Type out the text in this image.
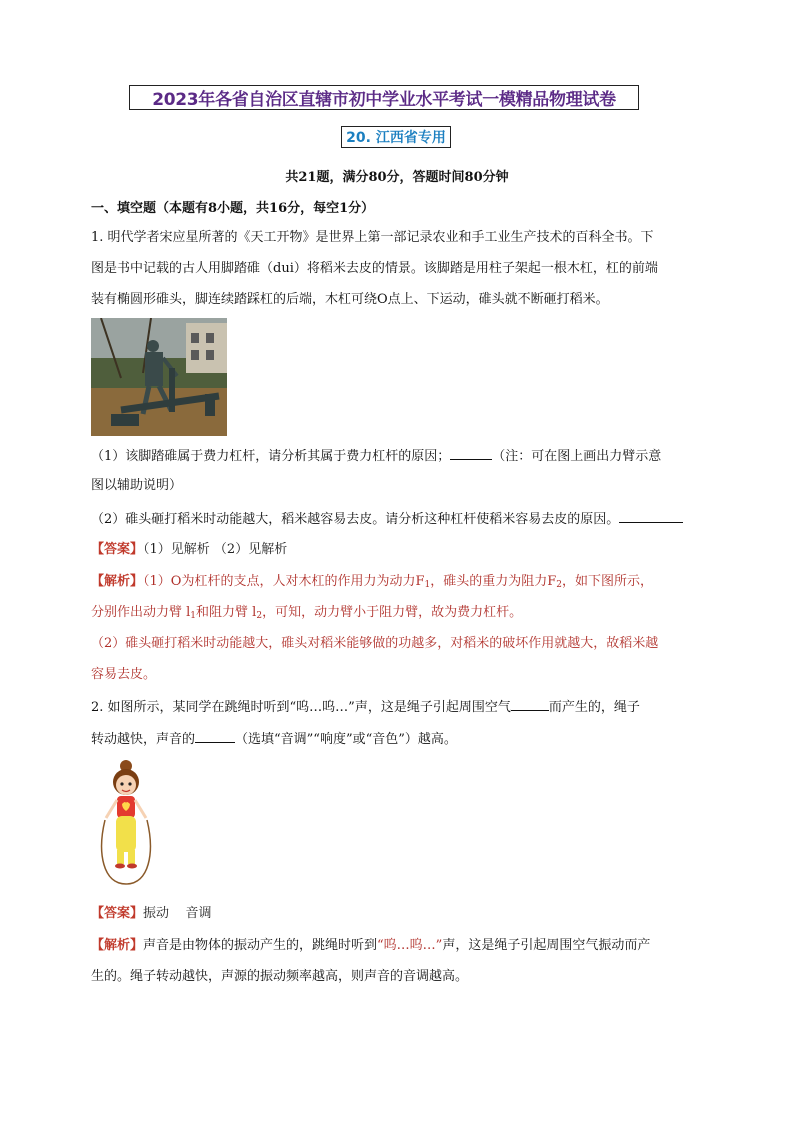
2023年各省自治区直辖市初中学业水平考试一模精品物理试卷
20. 江西省专用
共21题，满分80分，答题时间80分钟
一、填空题（本题有8小题，共16分，每空1分）
1. 明代学者宋应星所著的《天工开物》是世界上第一部记录农业和手工业生产技术的百科全书。下
图是书中记载的古人用脚踏碓（dui）将稻米去皮的情景。该脚踏是用柱子架起一根木杠，杠的前端
装有椭圆形碓头，脚连续踏踩杠的后端，木杠可绕O点上、下运动，碓头就不断砸打稻米。
（1）该脚踏碓属于费力杠杆，请分析其属于费力杠杆的原因；	（注：可在图上画出力臂示意
图以辅助说明）
（2）碓头砸打稻米时动能越大，稻米越容易去皮。请分析这种杠杆使稻米容易去皮的原因。
【答案】（1）见解析 （2）见解析
【解析】（1）O为杠杆的支点，人对木杠的作用力为动力$F_1$，碓头的重力为阻力$F_2$，如下图所示，
分别作出动力臂 $l_1$和阻力臂 $l_2$，可知，动力臂小于阻力臂，故为费力杠杆。
（2）碓头砸打稻米时动能越大，碓头对稻米能够做的功越多，对稻米的破坏作用就越大，故稻米越
容易去皮。
2. 如图所示，某同学在跳绳时听到“呜…呜…”声，这是绳子引起周围空气	而产生的，绳子
转动越快，声音的	（选填“音调”“响度”或“音色”）越高。
【答案】振动    音调
【解析】声音是由物体的振动产生的，跳绳时听到“呜…呜…”声，这是绳子引起周围空气振动而产
生的。绳子转动越快，声源的振动频率越高，则声音的音调越高。
